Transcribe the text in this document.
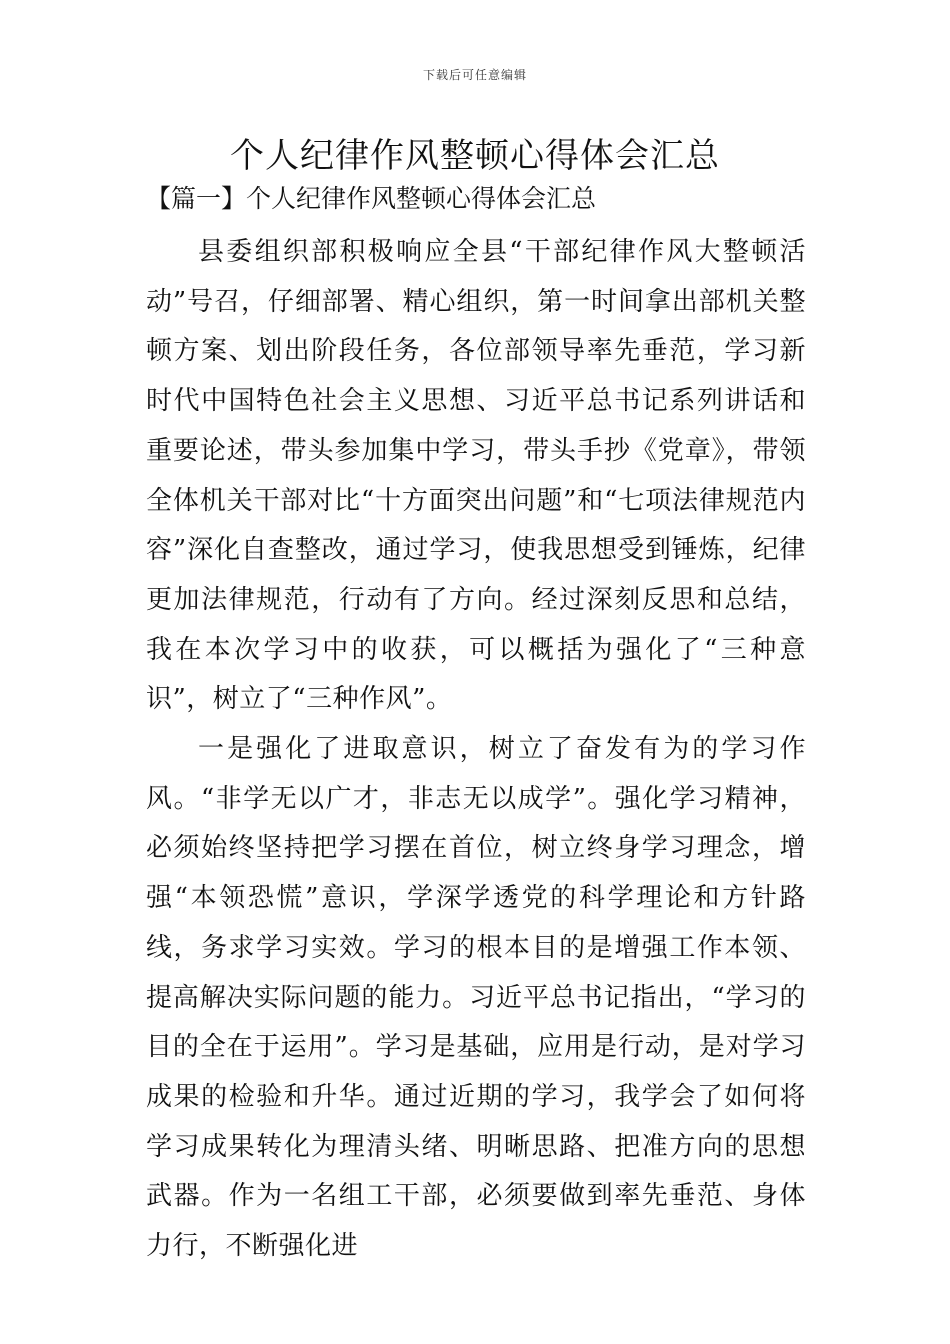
下载后可任意编辑
个人纪律作风整顿心得体会汇总
【篇一】个人纪律作风整顿心得体会汇总

县委组织部积极响应全县“干部纪律作风大整顿活动”号召，仔细部署、精心组织，第一时间拿出部机关整顿方案、划出阶段任务，各位部领导率先垂范，学习新时代中国特色社会主义思想、习近平总书记系列讲话和重要论述，带头参加集中学习，带头手抄《党章》，带领全体机关干部对比“十方面突出问题”和“七项法律规范内容”深化自查整改，通过学习，使我思想受到锤炼，纪律更加法律规范，行动有了方向。经过深刻反思和总结，我在本次学习中的收获，可以概括为强化了“三种意识”，树立了“三种作风”。

一是强化了进取意识，树立了奋发有为的学习作风。“非学无以广才，非志无以成学”。强化学习精神，必须始终坚持把学习摆在首位，树立终身学习理念，增强“本领恐慌”意识，学深学透党的科学理论和方针路线，务求学习实效。学习的根本目的是增强工作本领、提高解决实际问题的能力。习近平总书记指出，“学习的目的全在于运用”。学习是基础，应用是行动，是对学习成果的检验和升华。通过近期的学习，我学会了如何将学习成果转化为理清头绪、明晰思路、把准方向的思想武器。作为一名组工干部，必须要做到率先垂范、身体力行，不断强化进
